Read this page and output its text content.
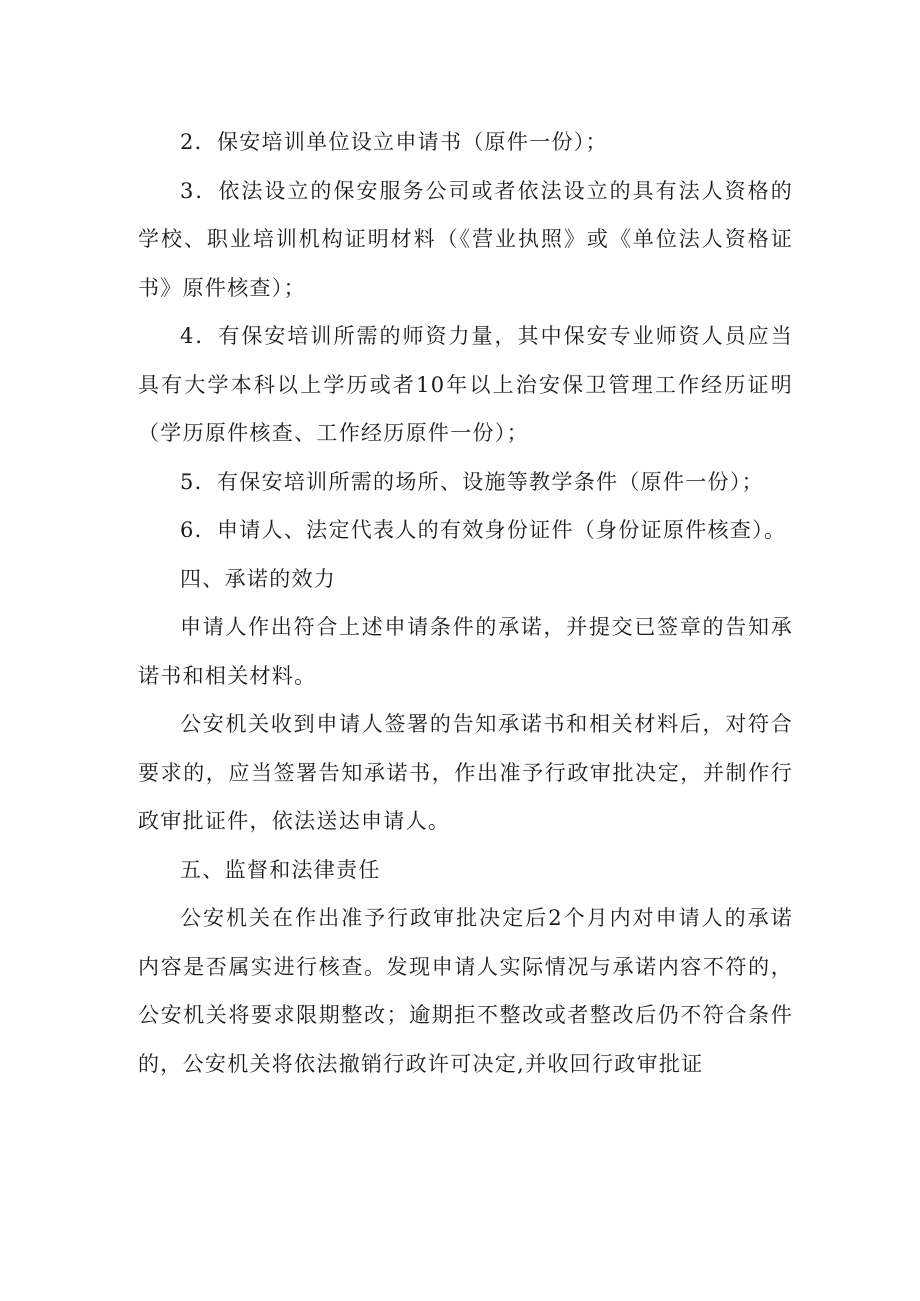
2．保安培训单位设立申请书（原件一份）；

3．依法设立的保安服务公司或者依法设立的具有法人资格的学校、职业培训机构证明材料（《营业执照》或《单位法人资格证书》原件核查）；

4．有保安培训所需的师资力量，其中保安专业师资人员应当具有大学本科以上学历或者10年以上治安保卫管理工作经历证明（学历原件核查、工作经历原件一份）；

5．有保安培训所需的场所、设施等教学条件（原件一份）；

6．申请人、法定代表人的有效身份证件（身份证原件核查）。

四、承诺的效力

申请人作出符合上述申请条件的承诺，并提交已签章的告知承诺书和相关材料。

公安机关收到申请人签署的告知承诺书和相关材料后，对符合要求的，应当签署告知承诺书，作出准予行政审批决定，并制作行政审批证件，依法送达申请人。

五、监督和法律责任

公安机关在作出准予行政审批决定后2个月内对申请人的承诺内容是否属实进行核查。发现申请人实际情况与承诺内容不符的，公安机关将要求限期整改；逾期拒不整改或者整改后仍不符合条件的，公安机关将依法撤销行政许可决定,并收回行政审批证
